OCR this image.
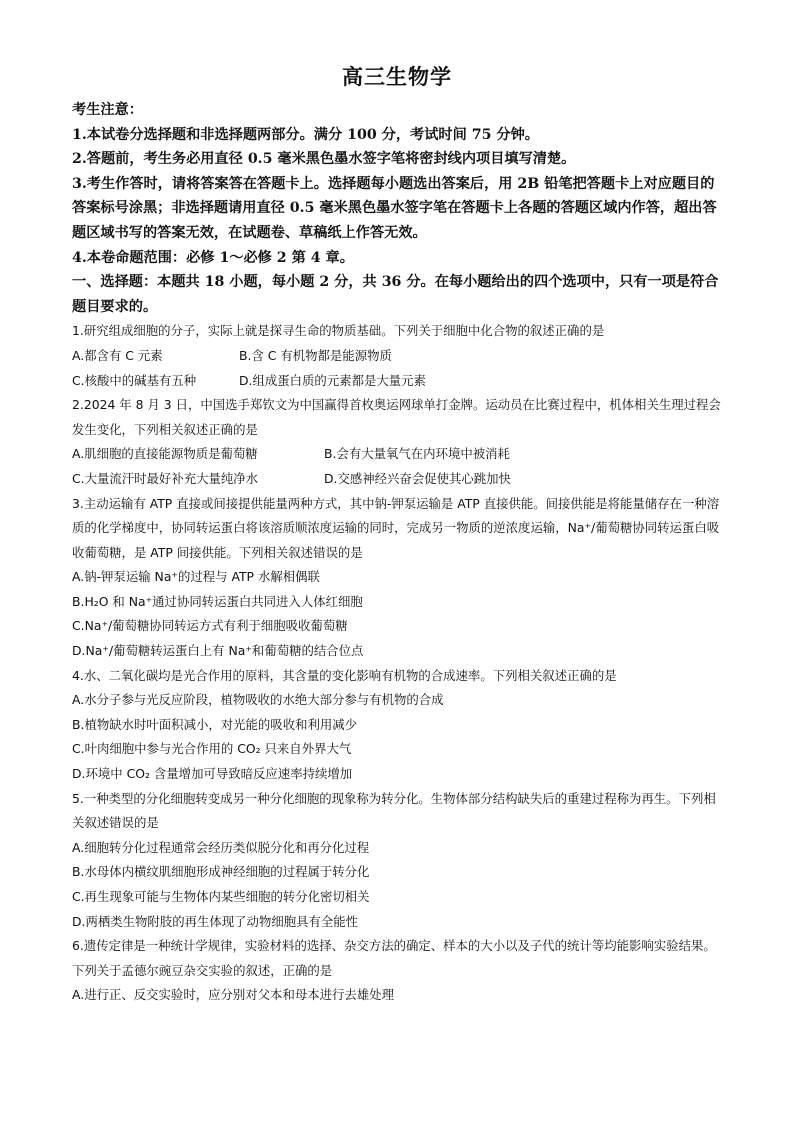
高三生物学

考生注意：

1.本试卷分选择题和非选择题两部分。满分 100 分，考试时间 75 分钟。

2.答题前，考生务必用直径 0.5 毫米黑色墨水签字笔将密封线内项目填写清楚。

3.考生作答时，请将答案答在答题卡上。选择题每小题选出答案后，用 2B 铅笔把答题卡上对应题目的答案标号涂黑；非选择题请用直径 0.5 毫米黑色墨水签字笔在答题卡上各题的答题区域内作答，超出答题区域书写的答案无效，在试题卷、草稿纸上作答无效。

4.本卷命题范围：必修 1～必修 2 第 4 章。

一、选择题：本题共 18 小题，每小题 2 分，共 36 分。在每小题给出的四个选项中，只有一项是符合题目要求的。

1.研究组成细胞的分子，实际上就是探寻生命的物质基础。下列关于细胞中化合物的叙述正确的是

A.都含有 C 元素	B.含 C 有机物都是能源物质
C.核酸中的碱基有五种	D.组成蛋白质的元素都是大量元素

2.2024 年 8 月 3 日，中国选手郑钦文为中国赢得首枚奥运网球单打金牌。运动员在比赛过程中，机体相关生理过程会发生变化，下列相关叙述正确的是

A.肌细胞的直接能源物质是葡萄糖	B.会有大量氧气在内环境中被消耗
C.大量流汗时最好补充大量纯净水	D.交感神经兴奋会促使其心跳加快

3.主动运输有 ATP 直接或间接提供能量两种方式，其中钠-钾泵运输是 ATP 直接供能。间接供能是将能量储存在一种溶质的化学梯度中，协同转运蛋白将该溶质顺浓度运输的同时，完成另一物质的逆浓度运输，Na⁺/葡萄糖协同转运蛋白吸收葡萄糖，是 ATP 间接供能。下列相关叙述错误的是

A.钠-钾泵运输 Na⁺的过程与 ATP 水解相偶联

B.H₂O 和 Na⁺通过协同转运蛋白共同进入人体红细胞

C.Na⁺/葡萄糖协同转运方式有利于细胞吸收葡萄糖

D.Na⁺/葡萄糖转运蛋白上有 Na⁺和葡萄糖的结合位点

4.水、二氧化碳均是光合作用的原料，其含量的变化影响有机物的合成速率。下列相关叙述正确的是

A.水分子参与光反应阶段，植物吸收的水绝大部分参与有机物的合成

B.植物缺水时叶面积减小，对光能的吸收和利用减少

C.叶肉细胞中参与光合作用的 CO₂ 只来自外界大气

D.环境中 CO₂ 含量增加可导致暗反应速率持续增加

5.一种类型的分化细胞转变成另一种分化细胞的现象称为转分化。生物体部分结构缺失后的重建过程称为再生。下列相关叙述错误的是

A.细胞转分化过程通常会经历类似脱分化和再分化过程

B.水母体内横纹肌细胞形成神经细胞的过程属于转分化

C.再生现象可能与生物体内某些细胞的转分化密切相关

D.两栖类生物附肢的再生体现了动物细胞具有全能性

6.遗传定律是一种统计学规律，实验材料的选择、杂交方法的确定、样本的大小以及子代的统计等均能影响实验结果。下列关于孟德尔豌豆杂交实验的叙述，正确的是

A.进行正、反交实验时，应分别对父本和母本进行去雄处理
